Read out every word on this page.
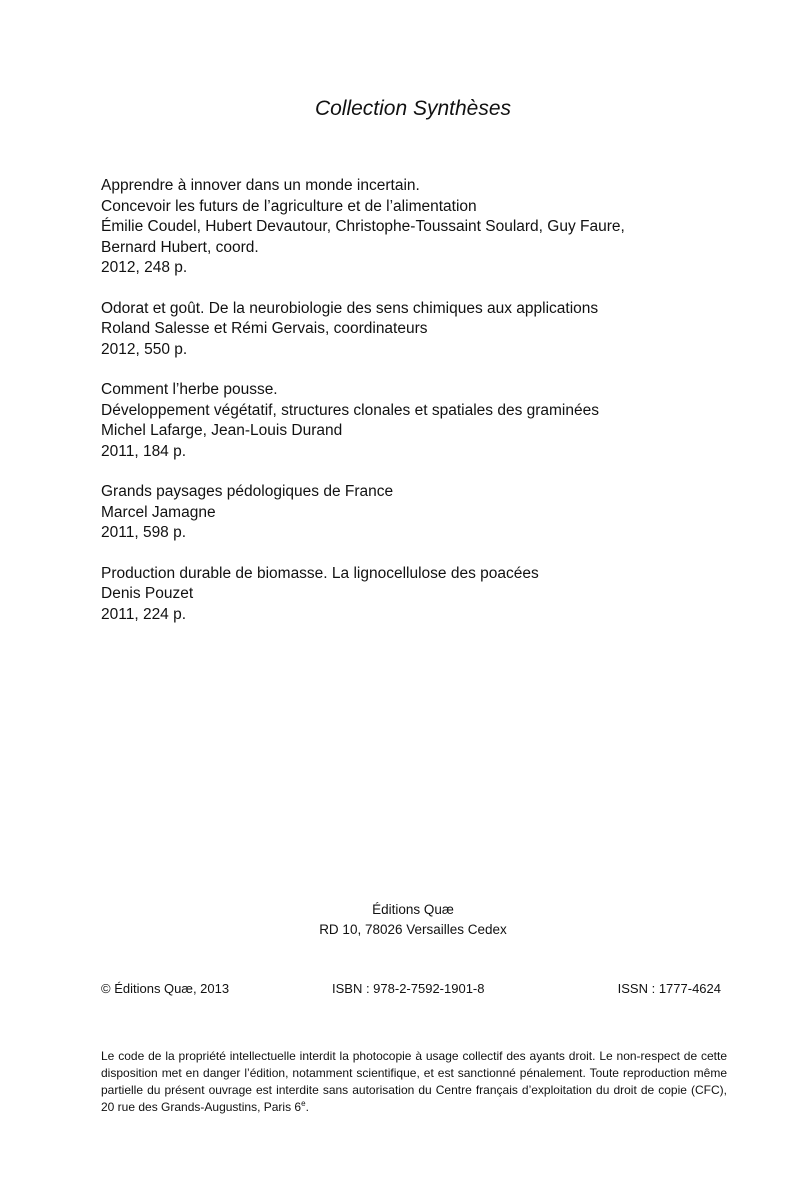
Collection Synthèses
Apprendre à innover dans un monde incertain.
Concevoir les futurs de l’agriculture et de l’alimentation
Émilie Coudel, Hubert Devautour, Christophe-Toussaint Soulard, Guy Faure,
Bernard Hubert, coord.
2012, 248 p.
Odorat et goût. De la neurobiologie des sens chimiques aux applications
Roland Salesse et Rémi Gervais, coordinateurs
2012, 550 p.
Comment l’herbe pousse.
Développement végétatif, structures clonales et spatiales des graminées
Michel Lafarge, Jean-Louis Durand
2011, 184 p.
Grands paysages pédologiques de France
Marcel Jamagne
2011, 598 p.
Production durable de biomasse. La lignocellulose des poacées
Denis Pouzet
2011, 224 p.
Éditions Quæ
RD 10, 78026 Versailles Cedex
© Éditions Quæ, 2013	ISBN : 978-2-7592-1901-8	ISSN : 1777-4624

Le code de la propriété intellectuelle interdit la photocopie à usage collectif des ayants droit. Le non-respect de cette disposition met en danger l’édition, notamment scientifique, et est sanctionné pénalement. Toute reproduction même partielle du présent ouvrage est interdite sans autorisation du Centre français d’exploitation du droit de copie (CFC), 20 rue des Grands-Augustins, Paris 6e.
